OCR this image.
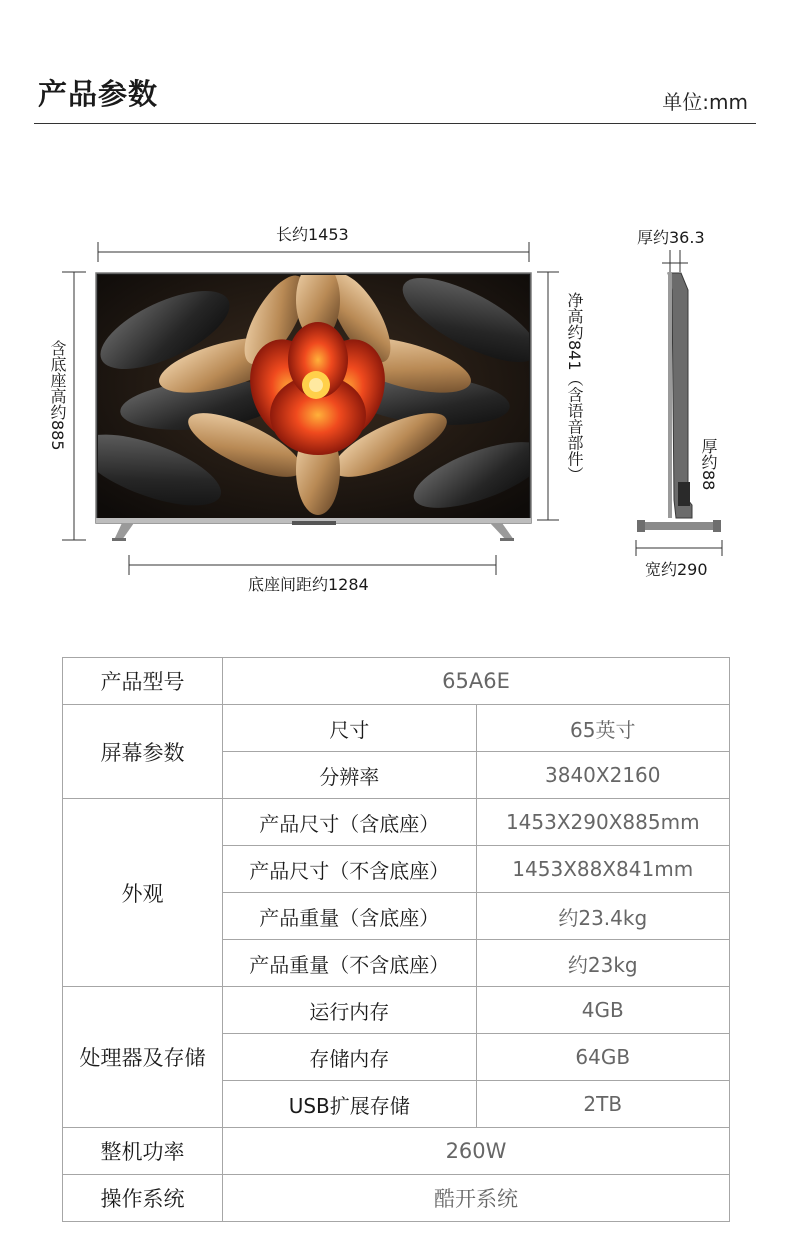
产品参数	单位:mm
长约1453
含底座高约885	净高约841（含语音部件）
底座间距约1284
厚约36.3
厚约88
宽约290
产品型号	65A6E	
屏幕参数	尺寸	65英寸
	分辨率	3840X2160
外观	产品尺寸（含底座）	1453X290X885mm
	产品尺寸（不含底座）	1453X88X841mm
	产品重量（含底座）	约23.4kg
	产品重量（不含底座）	约23kg
处理器及存储	运行内存	4GB
	存储内存	64GB
	USB扩展存储	2TB
整机功率	260W	
操作系统	酷开系统	
